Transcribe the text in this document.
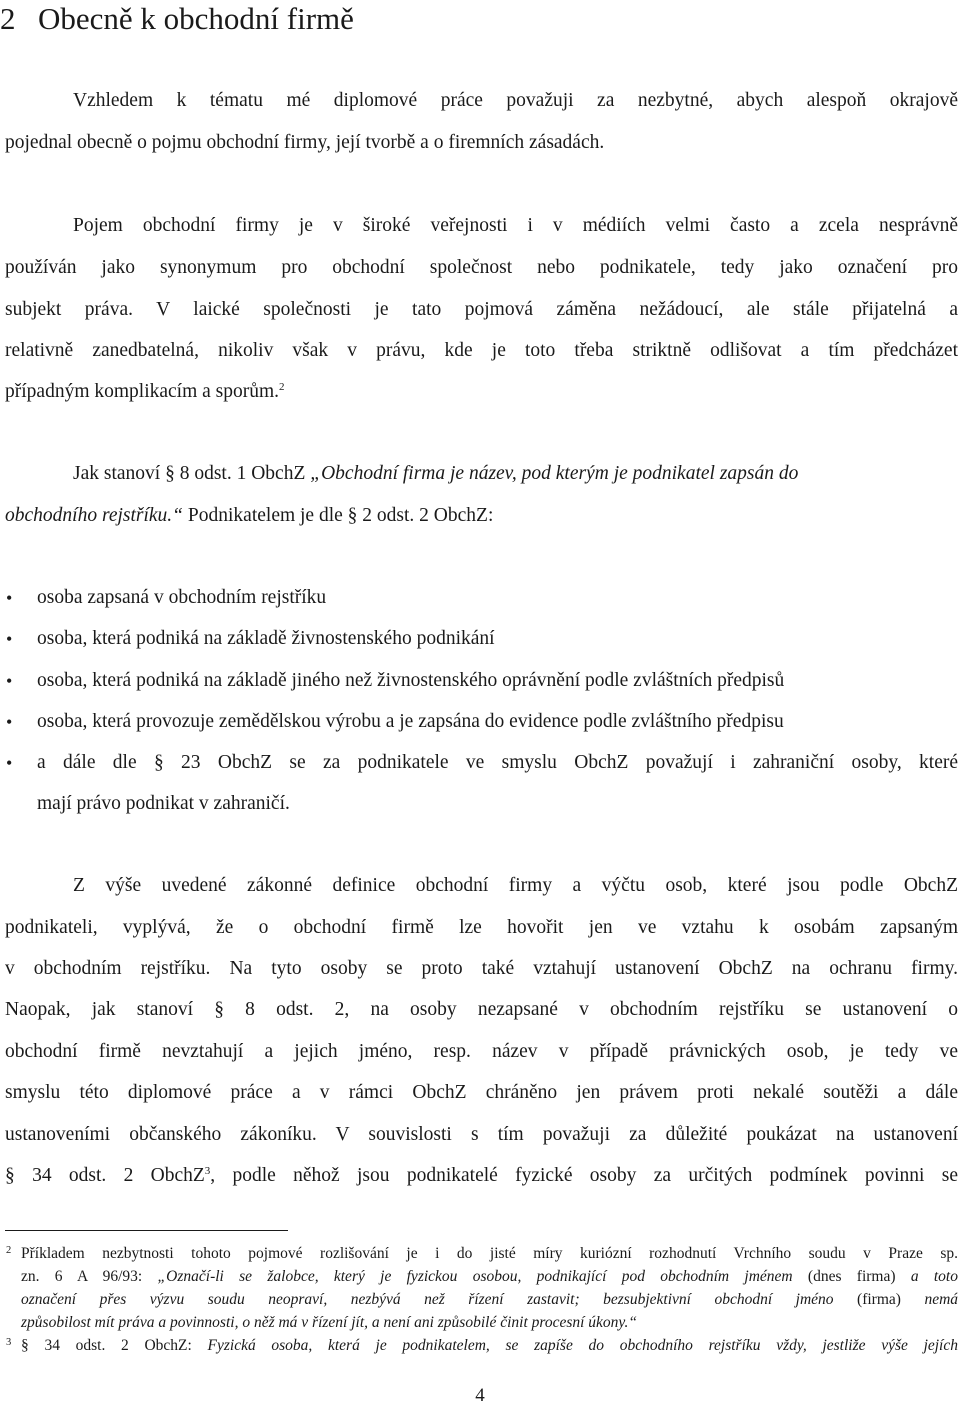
2 Obecně k obchodní firmě
Vzhledem k tématu mé diplomové práce považuji za nezbytné, abych alespoň okrajově
pojednal obecně o pojmu obchodní firmy, její tvorbě a o firemních zásadách.
Pojem obchodní firmy je v široké veřejnosti i v médiích velmi často a zcela nesprávně
používán jako synonymum pro obchodní společnost nebo podnikatele, tedy jako označení pro
subjekt práva. V laické společnosti je tato pojmová záměna nežádoucí, ale stále přijatelná a
relativně zanedbatelná, nikoliv však v právu, kde je toto třeba striktně odlišovat a tím předcházet
případným komplikacím a sporům.$^2$
Jak stanoví § 8 odst. 1 ObchZ „Obchodní firma je název, pod kterým je podnikatel zapsán do
obchodního rejstříku.“ Podnikatelem je dle § 2 odst. 2 ObchZ:
• osoba zapsaná v obchodním rejstříku
• osoba, která podniká na základě živnostenského podnikání
• osoba, která podniká na základě jiného než živnostenského oprávnění podle zvláštních předpisů
• osoba, která provozuje zemědělskou výrobu a je zapsána do evidence podle zvláštního předpisu
• a dále dle § 23 ObchZ se za podnikatele ve smyslu ObchZ považují i zahraniční osoby, které
mají právo podnikat v zahraničí.
Z výše uvedené zákonné definice obchodní firmy a výčtu osob, které jsou podle ObchZ
podnikateli, vyplývá, že o obchodní firmě lze hovořit jen ve vztahu k osobám zapsaným
v obchodním rejstříku. Na tyto osoby se proto také vztahují ustanovení ObchZ na ochranu firmy.
Naopak, jak stanoví § 8 odst. 2, na osoby nezapsané v obchodním rejstříku se ustanovení o
obchodní firmě nevztahují a jejich jméno, resp. název v případě právnických osob, je tedy ve
smyslu této diplomové práce a v rámci ObchZ chráněno jen právem proti nekalé soutěži a dále
ustanoveními občanského zákoníku. V souvislosti s tím považuji za důležité poukázat na ustanovení
§ 34 odst. 2 ObchZ$^3$, podle něhož jsou podnikatelé fyzické osoby za určitých podmínek povinni se
2 Příkladem nezbytnosti tohoto pojmové rozlišování je i do jisté míry kuriózní rozhodnutí Vrchního soudu v Praze sp.
zn. 6 A 96/93: „Označí-li se žalobce, který je fyzickou osobou, podnikající pod obchodním jménem (dnes firma) a toto
označení přes výzvu soudu neopraví, nezbývá než řízení zastavit; bezsubjektivní obchodní jméno (firma) nemá
způsobilost mít práva a povinnosti, o něž má v řízení jít, a není ani způsobilé činit procesní úkony.“
3 § 34 odst. 2 ObchZ: Fyzická osoba, která je podnikatelem, se zapíše do obchodního rejstříku vždy, jestliže výše jejích
4
